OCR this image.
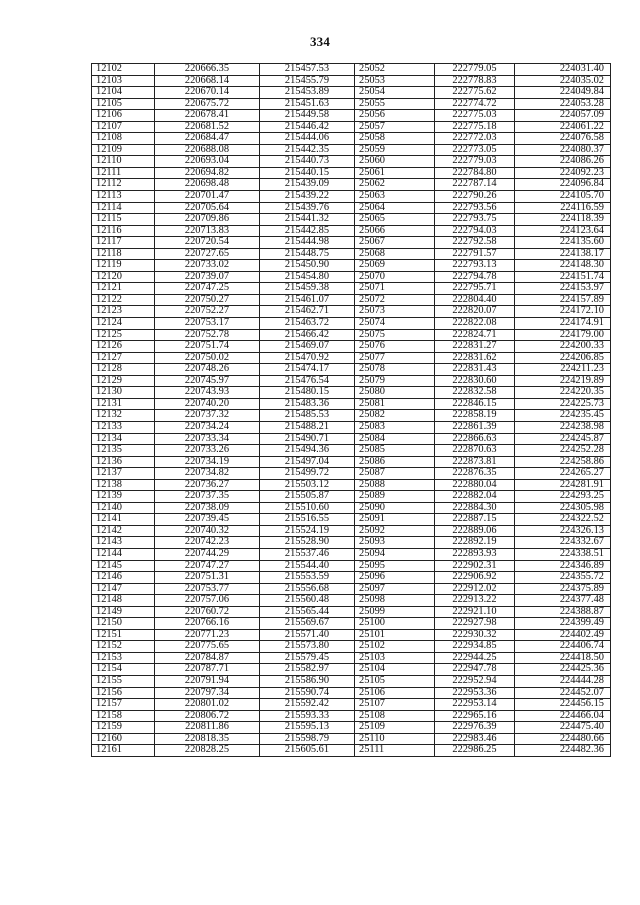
334
12102	220666.35	215457.53	25052	222779.05	224031.40
12103	220668.14	215455.79	25053	222778.83	224035.02
12104	220670.14	215453.89	25054	222775.62	224049.84
12105	220675.72	215451.63	25055	222774.72	224053.28
12106	220678.41	215449.58	25056	222775.03	224057.09
12107	220681.52	215446.42	25057	222775.18	224061.22
12108	220684.47	215444.06	25058	222772.03	224076.58
12109	220688.08	215442.35	25059	222773.05	224080.37
12110	220693.04	215440.73	25060	222779.03	224086.26
12111	220694.82	215440.15	25061	222784.80	224092.23
12112	220698.48	215439.09	25062	222787.14	224096.84
12113	220701.47	215439.22	25063	222790.26	224105.70
12114	220705.64	215439.76	25064	222793.56	224116.59
12115	220709.86	215441.32	25065	222793.75	224118.39
12116	220713.83	215442.85	25066	222794.03	224123.64
12117	220720.54	215444.98	25067	222792.58	224135.60
12118	220727.65	215448.75	25068	222791.57	224138.17
12119	220733.02	215450.90	25069	222793.13	224148.30
12120	220739.07	215454.80	25070	222794.78	224151.74
12121	220747.25	215459.38	25071	222795.71	224153.97
12122	220750.27	215461.07	25072	222804.40	224157.89
12123	220752.27	215462.71	25073	222820.07	224172.10
12124	220753.17	215463.72	25074	222822.08	224174.91
12125	220752.78	215466.42	25075	222824.71	224179.00
12126	220751.74	215469.07	25076	222831.27	224200.33
12127	220750.02	215470.92	25077	222831.62	224206.85
12128	220748.26	215474.17	25078	222831.43	224211.23
12129	220745.97	215476.54	25079	222830.60	224219.89
12130	220743.93	215480.15	25080	222832.58	224220.35
12131	220740.20	215483.36	25081	222846.15	224225.73
12132	220737.32	215485.53	25082	222858.19	224235.45
12133	220734.24	215488.21	25083	222861.39	224238.98
12134	220733.34	215490.71	25084	222866.63	224245.87
12135	220733.26	215494.36	25085	222870.63	224252.28
12136	220734.19	215497.04	25086	222873.81	224258.86
12137	220734.82	215499.72	25087	222876.35	224265.27
12138	220736.27	215503.12	25088	222880.04	224281.91
12139	220737.35	215505.87	25089	222882.04	224293.25
12140	220738.09	215510.60	25090	222884.30	224305.98
12141	220739.45	215516.55	25091	222887.15	224322.52
12142	220740.32	215524.19	25092	222889.06	224326.13
12143	220742.23	215528.90	25093	222892.19	224332.67
12144	220744.29	215537.46	25094	222893.93	224338.51
12145	220747.27	215544.40	25095	222902.31	224346.89
12146	220751.31	215553.59	25096	222906.92	224355.72
12147	220753.77	215556.68	25097	222912.02	224375.89
12148	220757.06	215560.48	25098	222913.22	224377.48
12149	220760.72	215565.44	25099	222921.10	224388.87
12150	220766.16	215569.67	25100	222927.98	224399.49
12151	220771.23	215571.40	25101	222930.32	224402.49
12152	220775.65	215573.80	25102	222934.85	224406.74
12153	220784.87	215579.45	25103	222944.25	224418.50
12154	220787.71	215582.97	25104	222947.78	224425.36
12155	220791.94	215586.90	25105	222952.94	224444.28
12156	220797.34	215590.74	25106	222953.36	224452.07
12157	220801.02	215592.42	25107	222953.14	224456.15
12158	220806.72	215593.33	25108	222965.16	224466.04
12159	220811.86	215595.13	25109	222976.39	224475.40
12160	220818.35	215598.79	25110	222983.46	224480.66
12161	220828.25	215605.61	25111	222986.25	224482.36
